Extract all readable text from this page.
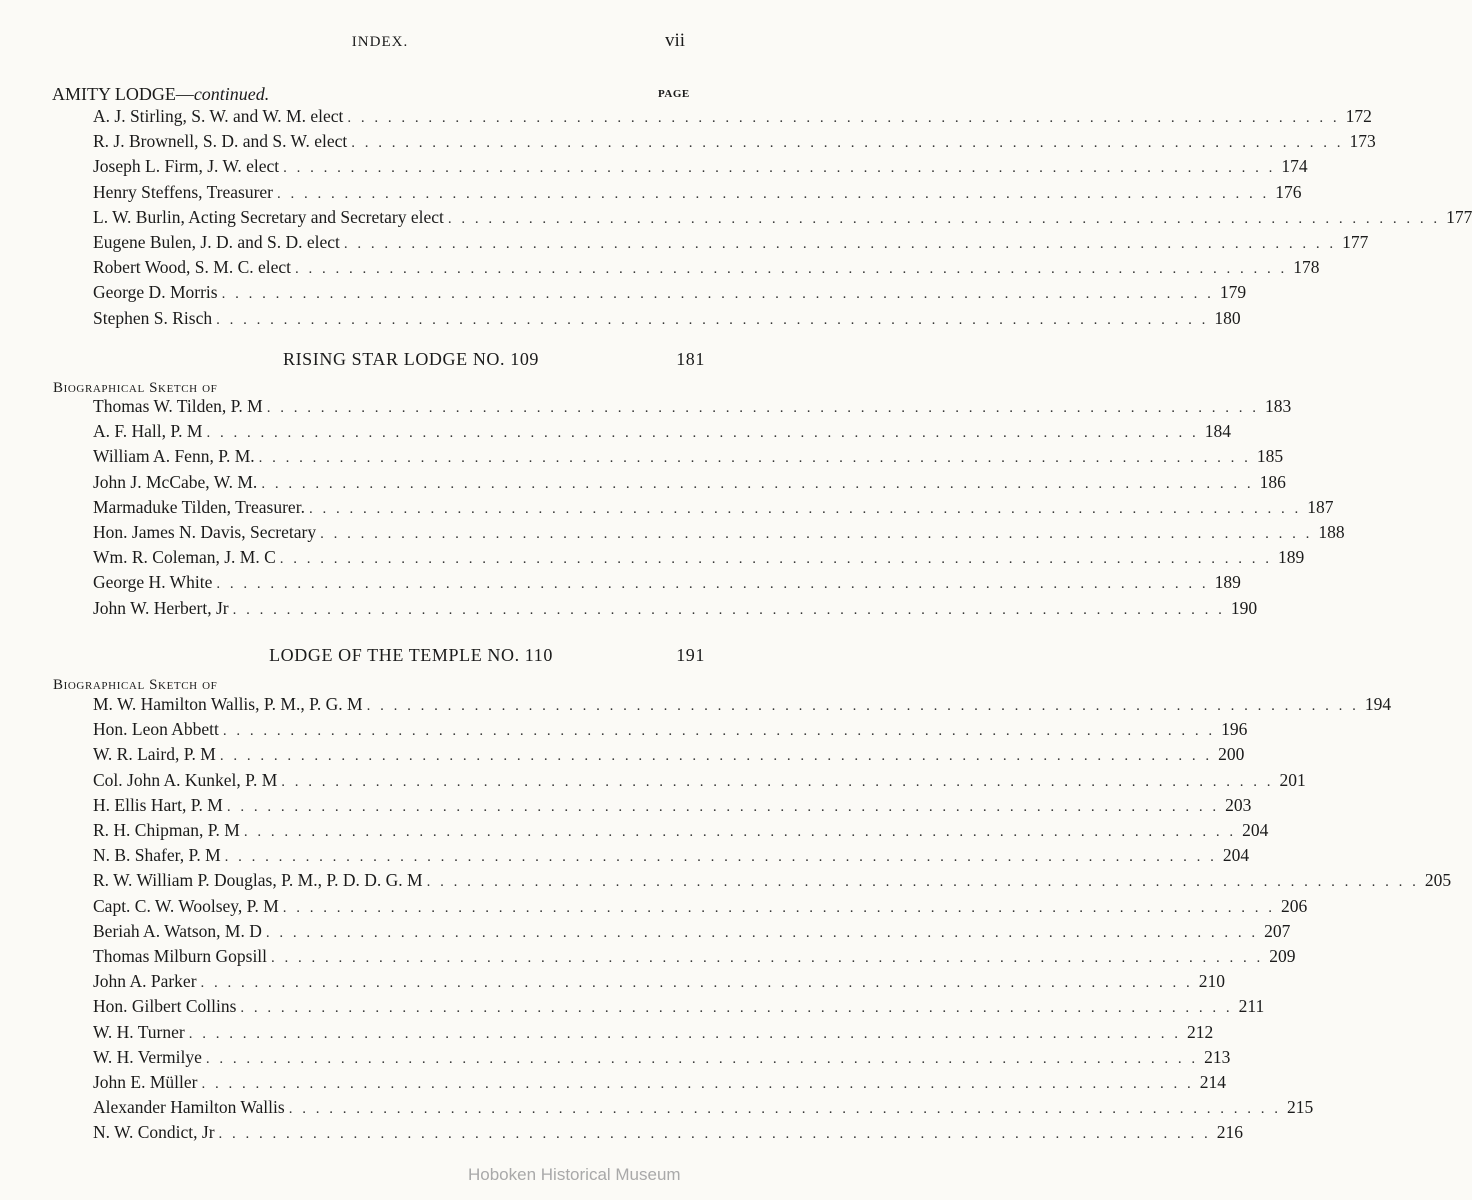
INDEX.	vii
AMITY LODGE—continued.	PAGE
A. J. Stirling, S. W. and W. M. elect . . . . . . . . . . . . . . . . . . . . . . . . . . . . . . . . . . . . . . . . . . . . . . . . . . . . . . . . . . . . . . . . . . . . . . . . . . 172
R. J. Brownell, S. D. and S. W. elect . . . . . . . . . . . . . . . . . . . . . . . . . . . . . . . . . . . . . . . . . . . . . . . . . . . . . . . . . . . . . . . . . . . . . . . . . . 173
Joseph L. Firm, J. W. elect . . . . . . . . . . . . . . . . . . . . . . . . . . . . . . . . . . . . . . . . . . . . . . . . . . . . . . . . . . . . . . . . . . . . . . . . . . 174
Henry Steffens, Treasurer . . . . . . . . . . . . . . . . . . . . . . . . . . . . . . . . . . . . . . . . . . . . . . . . . . . . . . . . . . . . . . . . . . . . . . . . . . 176
L. W. Burlin, Acting Secretary and Secretary elect . . . . . . . . . . . . . . . . . . . . . . . . . . . . . . . . . . . . . . . . . . . . . . . . . . . . . . . . . . . . . . . . . . . . . . . . . . 177
Eugene Bulen, J. D. and S. D. elect . . . . . . . . . . . . . . . . . . . . . . . . . . . . . . . . . . . . . . . . . . . . . . . . . . . . . . . . . . . . . . . . . . . . . . . . . . 177
Robert Wood, S. M. C. elect . . . . . . . . . . . . . . . . . . . . . . . . . . . . . . . . . . . . . . . . . . . . . . . . . . . . . . . . . . . . . . . . . . . . . . . . . . 178
George D. Morris . . . . . . . . . . . . . . . . . . . . . . . . . . . . . . . . . . . . . . . . . . . . . . . . . . . . . . . . . . . . . . . . . . . . . . . . . . 179
Stephen S. Risch . . . . . . . . . . . . . . . . . . . . . . . . . . . . . . . . . . . . . . . . . . . . . . . . . . . . . . . . . . . . . . . . . . . . . . . . . . 180
RISING STAR LODGE NO. 109	181
Biographical Sketch of
Thomas W. Tilden, P. M . . . . . . . . . . . . . . . . . . . . . . . . . . . . . . . . . . . . . . . . . . . . . . . . . . . . . . . . . . . . . . . . . . . . . . . . . . 183
A. F. Hall, P. M . . . . . . . . . . . . . . . . . . . . . . . . . . . . . . . . . . . . . . . . . . . . . . . . . . . . . . . . . . . . . . . . . . . . . . . . . . 184
William A. Fenn, P. M. . . . . . . . . . . . . . . . . . . . . . . . . . . . . . . . . . . . . . . . . . . . . . . . . . . . . . . . . . . . . . . . . . . . . . . . . . . 185
John J. McCabe, W. M. . . . . . . . . . . . . . . . . . . . . . . . . . . . . . . . . . . . . . . . . . . . . . . . . . . . . . . . . . . . . . . . . . . . . . . . . . . 186
Marmaduke Tilden, Treasurer. . . . . . . . . . . . . . . . . . . . . . . . . . . . . . . . . . . . . . . . . . . . . . . . . . . . . . . . . . . . . . . . . . . . . . . . . . . 187
Hon. James N. Davis, Secretary . . . . . . . . . . . . . . . . . . . . . . . . . . . . . . . . . . . . . . . . . . . . . . . . . . . . . . . . . . . . . . . . . . . . . . . . . . 188
Wm. R. Coleman, J. M. C . . . . . . . . . . . . . . . . . . . . . . . . . . . . . . . . . . . . . . . . . . . . . . . . . . . . . . . . . . . . . . . . . . . . . . . . . . 189
George H. White . . . . . . . . . . . . . . . . . . . . . . . . . . . . . . . . . . . . . . . . . . . . . . . . . . . . . . . . . . . . . . . . . . . . . . . . . . 189
John W. Herbert, Jr . . . . . . . . . . . . . . . . . . . . . . . . . . . . . . . . . . . . . . . . . . . . . . . . . . . . . . . . . . . . . . . . . . . . . . . . . . 190
LODGE OF THE TEMPLE NO. 110	191
Biographical Sketch of
M. W. Hamilton Wallis, P. M., P. G. M . . . . . . . . . . . . . . . . . . . . . . . . . . . . . . . . . . . . . . . . . . . . . . . . . . . . . . . . . . . . . . . . . . . . . . . . . . 194
Hon. Leon Abbett . . . . . . . . . . . . . . . . . . . . . . . . . . . . . . . . . . . . . . . . . . . . . . . . . . . . . . . . . . . . . . . . . . . . . . . . . . 196
W. R. Laird, P. M . . . . . . . . . . . . . . . . . . . . . . . . . . . . . . . . . . . . . . . . . . . . . . . . . . . . . . . . . . . . . . . . . . . . . . . . . . 200
Col. John A. Kunkel, P. M . . . . . . . . . . . . . . . . . . . . . . . . . . . . . . . . . . . . . . . . . . . . . . . . . . . . . . . . . . . . . . . . . . . . . . . . . . 201
H. Ellis Hart, P. M . . . . . . . . . . . . . . . . . . . . . . . . . . . . . . . . . . . . . . . . . . . . . . . . . . . . . . . . . . . . . . . . . . . . . . . . . . 203
R. H. Chipman, P. M . . . . . . . . . . . . . . . . . . . . . . . . . . . . . . . . . . . . . . . . . . . . . . . . . . . . . . . . . . . . . . . . . . . . . . . . . . 204
N. B. Shafer, P. M . . . . . . . . . . . . . . . . . . . . . . . . . . . . . . . . . . . . . . . . . . . . . . . . . . . . . . . . . . . . . . . . . . . . . . . . . . 204
R. W. William P. Douglas, P. M., P. D. D. G. M . . . . . . . . . . . . . . . . . . . . . . . . . . . . . . . . . . . . . . . . . . . . . . . . . . . . . . . . . . . . . . . . . . . . . . . . . . 205
Capt. C. W. Woolsey, P. M . . . . . . . . . . . . . . . . . . . . . . . . . . . . . . . . . . . . . . . . . . . . . . . . . . . . . . . . . . . . . . . . . . . . . . . . . . 206
Beriah A. Watson, M. D . . . . . . . . . . . . . . . . . . . . . . . . . . . . . . . . . . . . . . . . . . . . . . . . . . . . . . . . . . . . . . . . . . . . . . . . . . 207
Thomas Milburn Gopsill . . . . . . . . . . . . . . . . . . . . . . . . . . . . . . . . . . . . . . . . . . . . . . . . . . . . . . . . . . . . . . . . . . . . . . . . . . 209
John A. Parker . . . . . . . . . . . . . . . . . . . . . . . . . . . . . . . . . . . . . . . . . . . . . . . . . . . . . . . . . . . . . . . . . . . . . . . . . . 210
Hon. Gilbert Collins . . . . . . . . . . . . . . . . . . . . . . . . . . . . . . . . . . . . . . . . . . . . . . . . . . . . . . . . . . . . . . . . . . . . . . . . . . 211
W. H. Turner . . . . . . . . . . . . . . . . . . . . . . . . . . . . . . . . . . . . . . . . . . . . . . . . . . . . . . . . . . . . . . . . . . . . . . . . . . 212
W. H. Vermilye . . . . . . . . . . . . . . . . . . . . . . . . . . . . . . . . . . . . . . . . . . . . . . . . . . . . . . . . . . . . . . . . . . . . . . . . . . 213
John E. Müller . . . . . . . . . . . . . . . . . . . . . . . . . . . . . . . . . . . . . . . . . . . . . . . . . . . . . . . . . . . . . . . . . . . . . . . . . . 214
Alexander Hamilton Wallis . . . . . . . . . . . . . . . . . . . . . . . . . . . . . . . . . . . . . . . . . . . . . . . . . . . . . . . . . . . . . . . . . . . . . . . . . . 215
N. W. Condict, Jr . . . . . . . . . . . . . . . . . . . . . . . . . . . . . . . . . . . . . . . . . . . . . . . . . . . . . . . . . . . . . . . . . . . . . . . . . . 216
Hoboken Historical Museum
